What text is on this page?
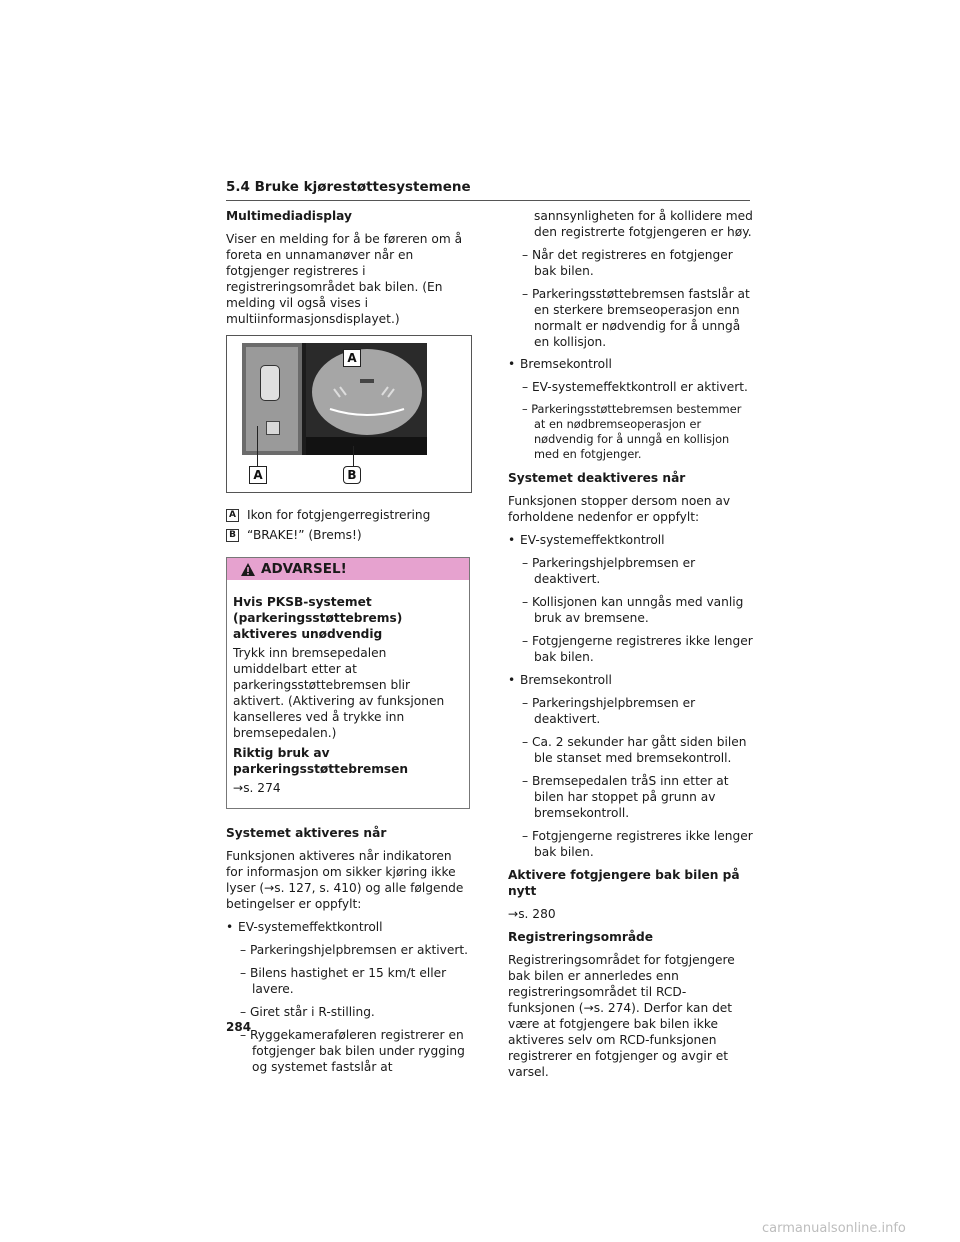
5.4 Bruke kjørestøttesystemene

Multimediadisplay

Viser en melding for å be føreren om å foreta en unnamanøver når en fotgjenger registreres i registreringsområdet bak bilen. (En melding vil også vises i multiinformasjonsdisplayet.)

A
A	B
A Ikon for fotgjengerregistrering
B “BRAKE!” (Brems!)
ADVARSEL!

Hvis PKSB-systemet (parkeringsstøttebrems) aktiveres unødvendig

Trykk inn bremsepedalen umiddelbart etter at parkeringsstøttebremsen blir aktivert. (Aktivering av funksjonen kanselleres ved å trykke inn bremsepedalen.)

Riktig bruk av parkeringsstøttebremsen

→s. 274

Systemet aktiveres når

Funksjonen aktiveres når indikatoren for informasjon om sikker kjøring ikke lyser (→s. 127, s. 410) og alle følgende betingelser er oppfylt:

• EV-systemeffektkontroll

– Parkeringshjelpbremsen er aktivert.

– Bilens hastighet er 15 km/t eller lavere.

– Giret står i R-stilling.

– Ryggekameraføleren registrerer en fotgjenger bak bilen under rygging og systemet fastslår at

sannsynligheten for å kollidere med den registrerte fotgjengeren er høy.

– Når det registreres en fotgjenger bak bilen.

– Parkeringsstøttebremsen fastslår at en sterkere bremseoperasjon enn normalt er nødvendig for å unngå en kollisjon.

• Bremsekontroll

– EV-systemeffektkontroll er aktivert.

– Parkeringsstøttebremsen bestemmer at en nødbremseoperasjon er nødvendig for å unngå en kollisjon med en fotgjenger.

Systemet deaktiveres når

Funksjonen stopper dersom noen av forholdene nedenfor er oppfylt:

• EV-systemeffektkontroll

– Parkeringshjelpbremsen er deaktivert.

– Kollisjonen kan unngås med vanlig bruk av bremsene.

– Fotgjengerne registreres ikke lenger bak bilen.

• Bremsekontroll

– Parkeringshjelpbremsen er deaktivert.

– Ca. 2 sekunder har gått siden bilen ble stanset med bremsekontroll.

– Bremsepedalen tråS inn etter at bilen har stoppet på grunn av bremsekontroll.

– Fotgjengerne registreres ikke lenger bak bilen.

Aktivere fotgjengere bak bilen på nytt

→s. 280

Registreringsområde

Registreringsområdet for fotgjengere bak bilen er annerledes enn registreringsområdet til RCD-funksjonen (→s. 274). Derfor kan det være at fotgjengere bak bilen ikke aktiveres selv om RCD-funksjonen registrerer en fotgjenger og avgir et varsel.

284
carmanualsonline.info
